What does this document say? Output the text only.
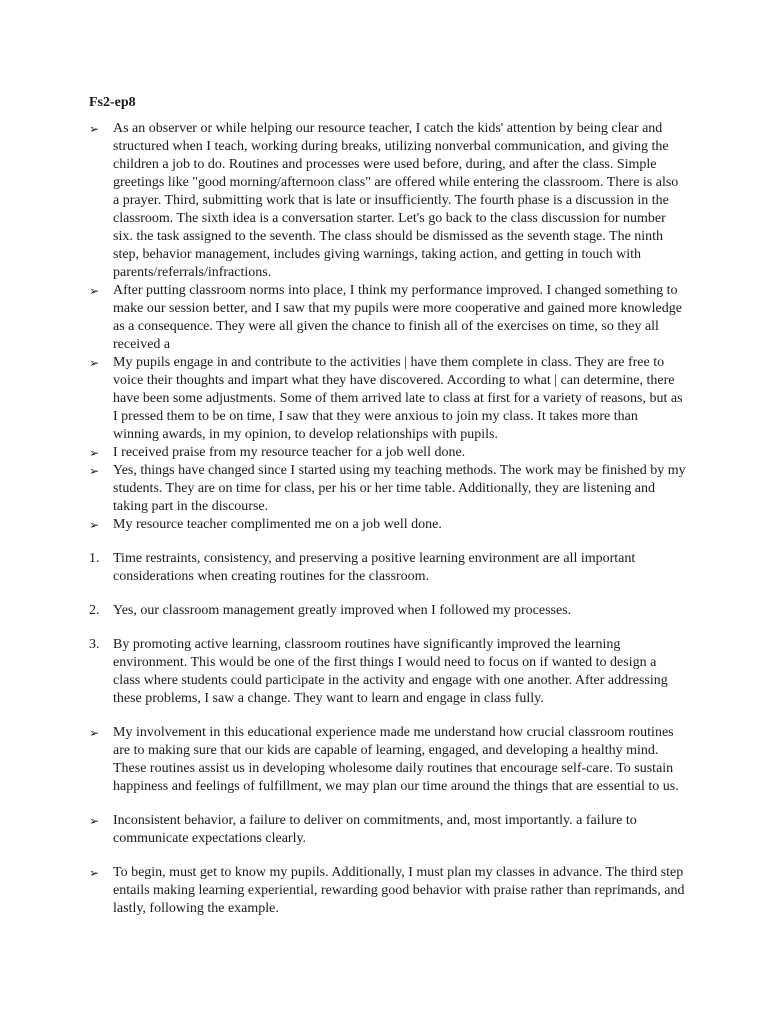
Fs2-ep8
➢ As an observer or while helping our resource teacher, I catch the kids' attention by being clear and structured when I teach, working during breaks, utilizing nonverbal communication, and giving the children a job to do. Routines and processes were used before, during, and after the class. Simple greetings like "good morning/afternoon class" are offered while entering the classroom. There is also a prayer. Third, submitting work that is late or insufficiently. The fourth phase is a discussion in the classroom. The sixth idea is a conversation starter. Let's go back to the class discussion for number six. the task assigned to the seventh. The class should be dismissed as the seventh stage. The ninth step, behavior management, includes giving warnings, taking action, and getting in touch with parents/referrals/infractions.
➢ After putting classroom norms into place, I think my performance improved. I changed something to make our session better, and I saw that my pupils were more cooperative and gained more knowledge as a consequence. They were all given the chance to finish all of the exercises on time, so they all received a
➢ My pupils engage in and contribute to the activities | have them complete in class. They are free to voice their thoughts and impart what they have discovered. According to what | can determine, there have been some adjustments. Some of them arrived late to class at first for a variety of reasons, but as I pressed them to be on time, I saw that they were anxious to join my class. It takes more than winning awards, in my opinion, to develop relationships with pupils.
➢ I received praise from my resource teacher for a job well done.
➢ Yes, things have changed since I started using my teaching methods. The work may be finished by my students. They are on time for class, per his or her time table. Additionally, they are listening and taking part in the discourse.
➢ My resource teacher complimented me on a job well done.
1. Time restraints, consistency, and preserving a positive learning environment are all important considerations when creating routines for the classroom.
2. Yes, our classroom management greatly improved when I followed my processes.
3. By promoting active learning, classroom routines have significantly improved the learning environment. This would be one of the first things I would need to focus on if wanted to design a class where students could participate in the activity and engage with one another. After addressing these problems, I saw a change. They want to learn and engage in class fully.
➢ My involvement in this educational experience made me understand how crucial classroom routines are to making sure that our kids are capable of learning, engaged, and developing a healthy mind. These routines assist us in developing wholesome daily routines that encourage self-care. To sustain happiness and feelings of fulfillment, we may plan our time around the things that are essential to us.
➢ Inconsistent behavior, a failure to deliver on commitments, and, most importantly. a failure to communicate expectations clearly.
➢ To begin, must get to know my pupils. Additionally, I must plan my classes in advance. The third step entails making learning experiential, rewarding good behavior with praise rather than reprimands, and lastly, following the example.
